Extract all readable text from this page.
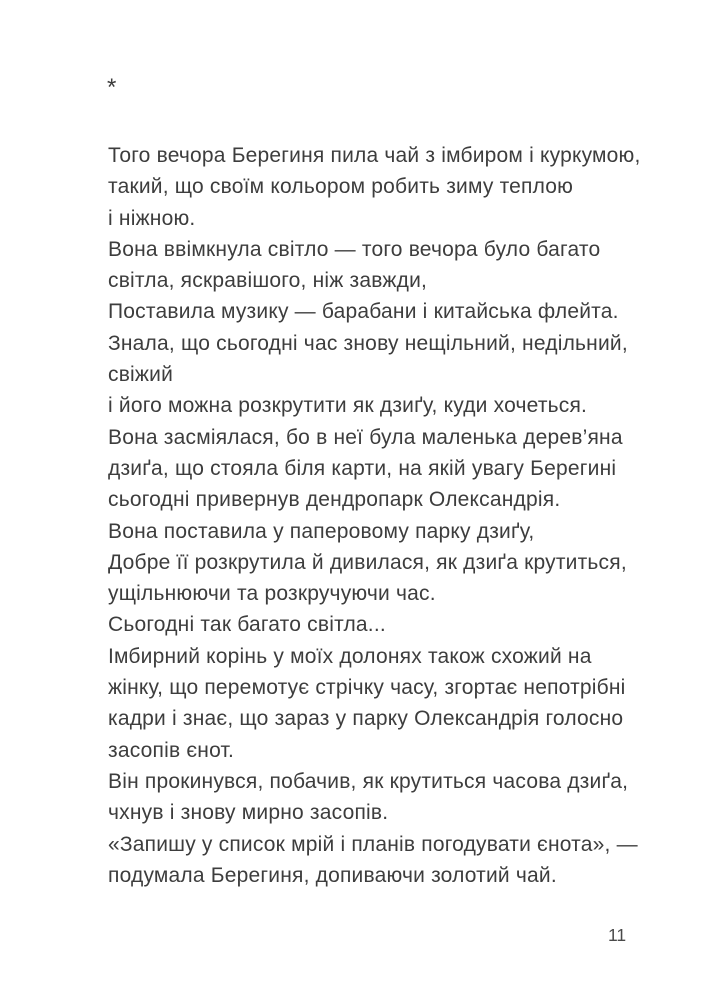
*
Того вечора Берегиня пила чай з імбиром і куркумою,
такий, що своїм кольором робить зиму теплою
і ніжною.
Вона ввімкнула світло — того вечора було багато
світла, яскравішого, ніж завжди,
Поставила музику — барабани і китайська флейта.
Знала, що сьогодні час знову нещільний, недільний,
свіжий
і його можна розкрутити як дзиґу, куди хочеться.
Вона засміялася, бо в неї була маленька дерев’яна
дзиґа, що стояла біля карти, на якій увагу Берегині
сьогодні привернув дендропарк Олександрія.
Вона поставила у паперовому парку дзиґу,
Добре її розкрутила й дивилася, як дзиґа крутиться,
ущільнюючи та розкручуючи час.
Сьогодні так багато світла...
Імбирний корінь у моїх долонях також схожий на
жінку, що перемотує стрічку часу, згортає непотрібні
кадри і знає, що зараз у парку Олександрія голосно
засопів єнот.
Він прокинувся, побачив, як крутиться часова дзиґа,
чхнув і знову мирно засопів.
«Запишу у список мрій і планів погодувати єнота», —
подумала Берегиня, допиваючи золотий чай.
11
